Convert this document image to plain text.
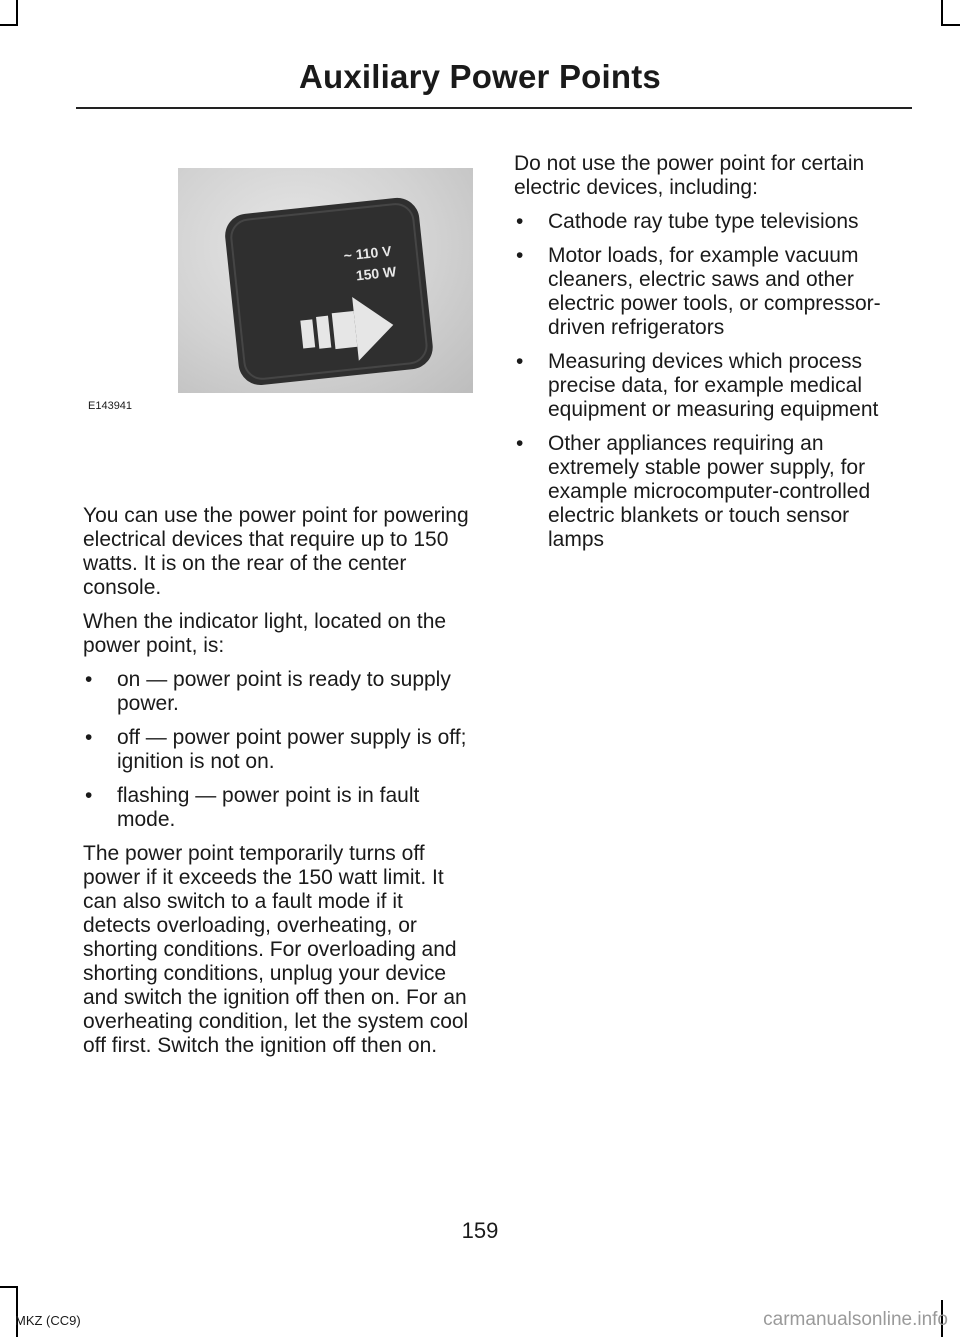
Auxiliary Power Points
~ 110 V
150 W
E143941

You can use the power point for powering electrical devices that require up to 150 watts. It is on the rear of the center console.

When the indicator light, located on the power point, is:

• on — power point is ready to supply power.
• off — power point power supply is off; ignition is not on.
• flashing — power point is in fault mode.

The power point temporarily turns off power if it exceeds the 150 watt limit. It can also switch to a fault mode if it detects overloading, overheating, or shorting conditions. For overloading and shorting conditions, unplug your device and switch the ignition off then on. For an overheating condition, let the system cool off first. Switch the ignition off then on.

Do not use the power point for certain electric devices, including:

• Cathode ray tube type televisions
• Motor loads, for example vacuum cleaners, electric saws and other electric power tools, or compressor-driven refrigerators
• Measuring devices which process precise data, for example medical equipment or measuring equipment
• Other appliances requiring an extremely stable power supply, for example microcomputer-controlled electric blankets or touch sensor lamps
159
MKZ (CC9)	carmanualsonline.info
